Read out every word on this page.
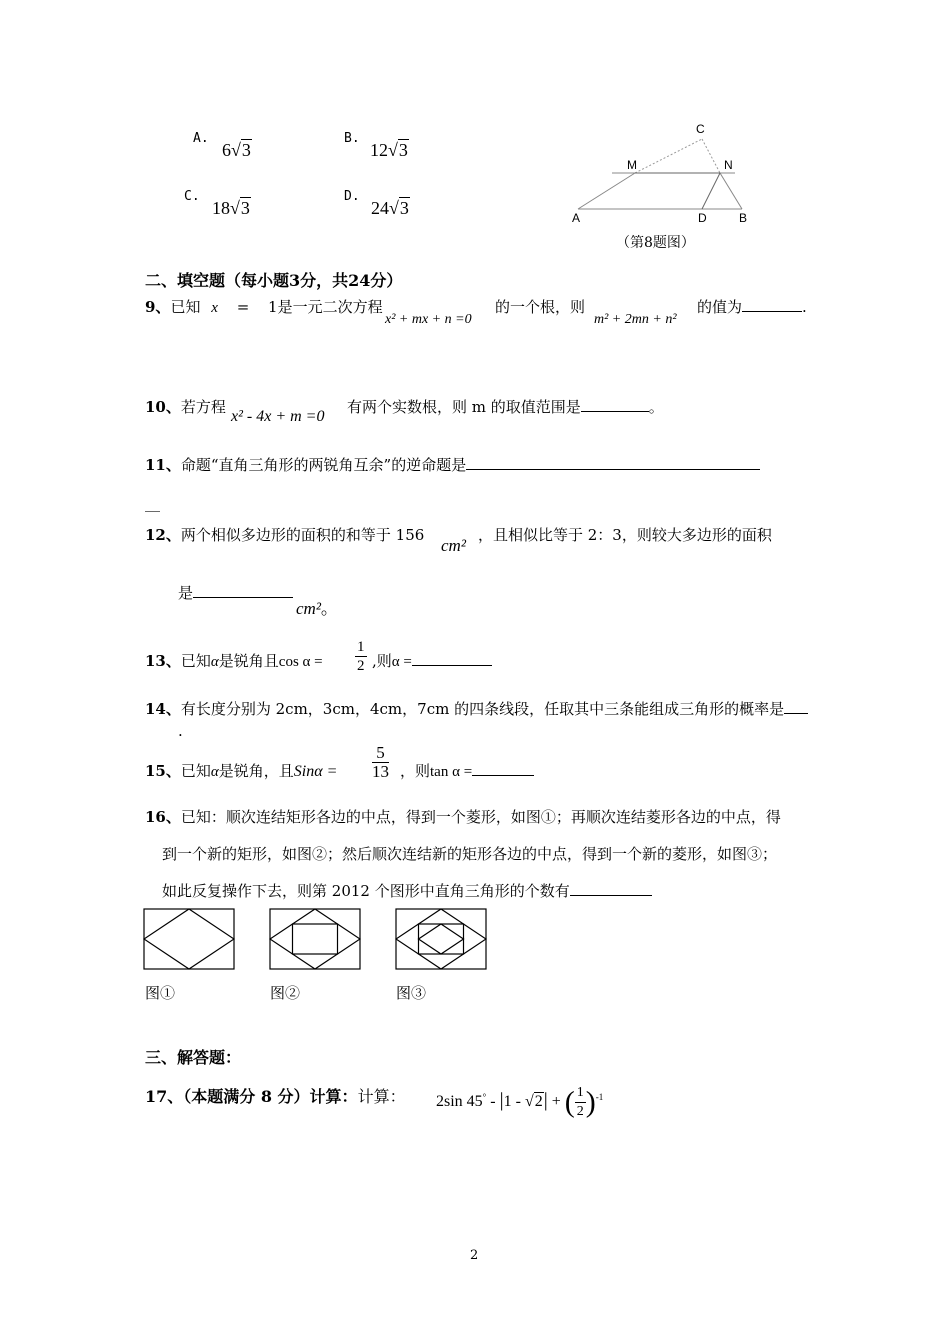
A.
6√3
B.
12√3
C.
18√3
D.
24√3
C
M	N
A	D	B
（第8题图）
二、填空题（每小题3分，共24分）
9、已知 x = 1是一元二次方程
x² + mx + n =0
的一个根，则
m² + 2mn + n²
的值为	.
10、若方程
x² - 4x + m =0
有两个实数根，则 m 的取值范围是	。
11、命题“直角三角形的两锐角互余”的逆命题是
__
12、两个相似多边形的面积的和等于 156
cm²
，且相似比等于 2：3，则较大多边形的面积
是
cm²。
13、已知α是锐角且$\cos \alpha = \frac{1}{2}$ ,则α =
14、有长度分别为 2cm，3cm，4cm，7cm 的四条线段，任取其中三条能组成三角形的概率是
.
15、已知α是锐角，且$Sin\alpha = \frac{5}{13}$ ，则tan α =
16、已知：顺次连结矩形各边的中点，得到一个菱形，如图①；再顺次连结菱形各边的中点，得
到一个新的矩形，如图②；然后顺次连结新的矩形各边的中点，得到一个新的菱形，如图③；
如此反复操作下去，则第 2012 个图形中直角三角形的个数有
图①	图②	图③
三、解答题：
17、（本题满分 8 分）计算：计算： 2sin 45° - |1 - √2| + ( $\frac{1}{2} )^{-1}$
2
